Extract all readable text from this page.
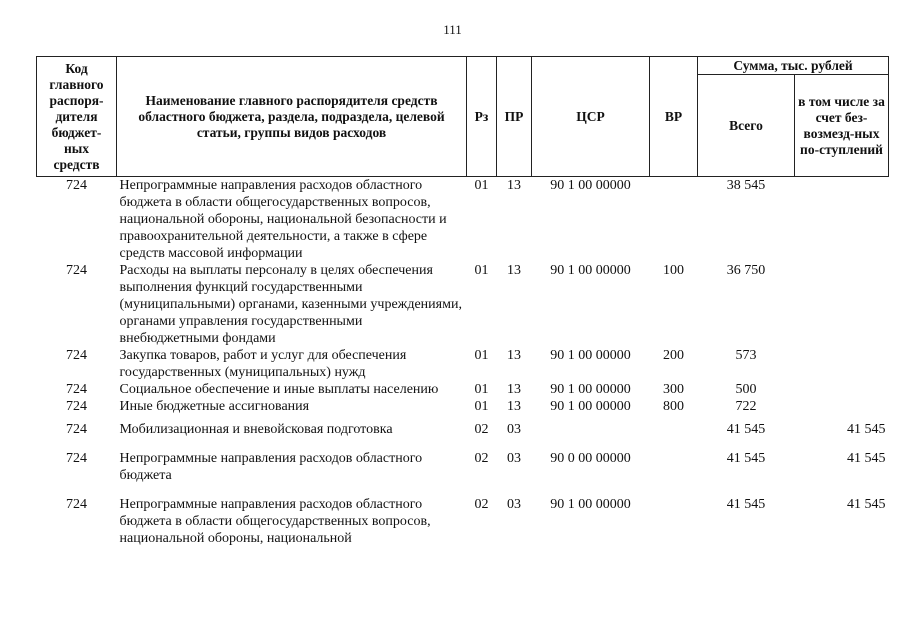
111
Код главного распоря-дителя бюджет-ных средств	Наименование главного распорядителя средств областного бюджета, раздела, подраздела, целевой статьи, группы видов расходов	Рз	ПР	ЦСР	ВР	Сумма, тыс. рублей	
						Всего	в том числе за счет без-возмезд-ных по-ступлений
724	Непрограммные направления расходов областного бюджета в области общегосударственных вопросов, национальной обороны, национальной безопасности и правоохранительной деятельности, а также в сфере средств массовой информации	01	13	90 1 00 00000		38 545	
724	Расходы на выплаты персоналу в целях обеспечения выполнения функций государственными (муниципальными) органами, казенными учреждениями, органами управления государственными внебюджетными фондами	01	13	90 1 00 00000	100	36 750	
724	Закупка товаров, работ и услуг для обеспечения государственных (муниципальных) нужд	01	13	90 1 00 00000	200	573	
724	Социальное обеспечение и иные выплаты населению	01	13	90 1 00 00000	300	500	
724	Иные бюджетные ассигнования	01	13	90 1 00 00000	800	722	
724	Мобилизационная и вневойсковая подготовка	02	03			41 545	41 545
724	Непрограммные направления расходов областного бюджета	02	03	90 0 00 00000		41 545	41 545
724	Непрограммные направления расходов областного бюджета в области общегосударственных вопросов, национальной обороны, национальной	02	03	90 1 00 00000		41 545	41 545
